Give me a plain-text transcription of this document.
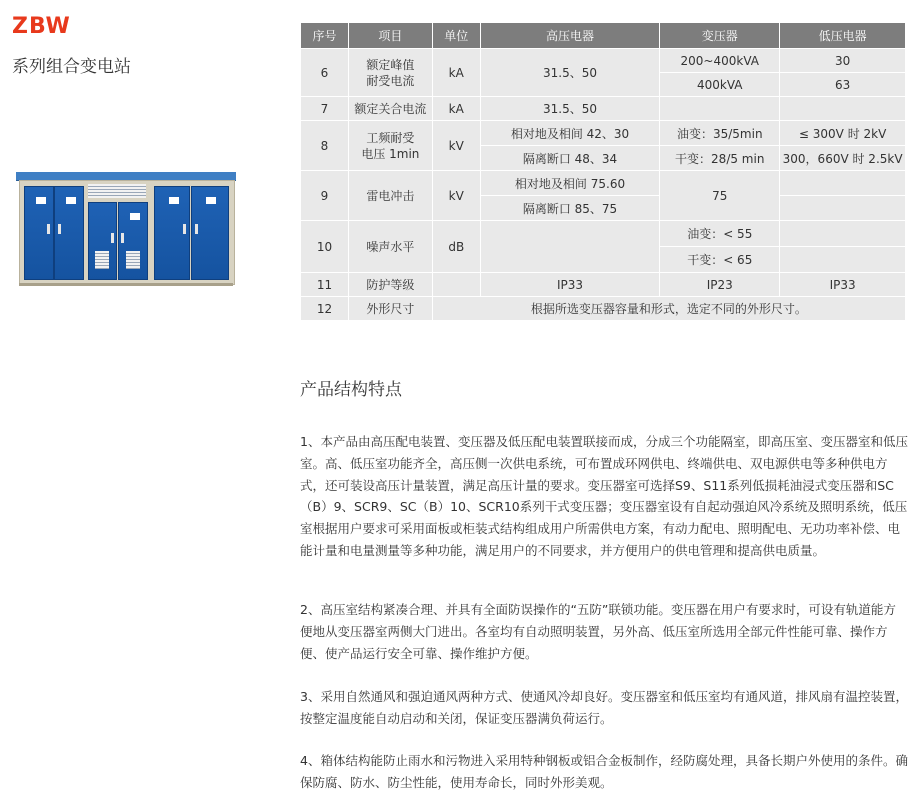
ZBW
系列组合变电站
序号	项目	单位	高压电器	变压器	低压电器
6	额定峰值耐受电流	kA	31.5、50	200~400kVA	30
				400kVA	63
7	额定关合电流	kA	31.5、50		
8	工频耐受电压 1min	kV	相对地及相间 42、30	油变：35/5min	≤ 300V 时 2kV
			隔离断口 48、34	干变：28/5 min	300，660V 时 2.5kV
9	雷电冲击	kV	相对地及相间 75.60	75	
			隔离断口 85、75		
10	噪声水平	dB		油变：< 55	
				干变：< 65	
11	防护等级		IP33	IP23	IP33
12	外形尺寸	根据所选变压器容量和形式，选定不同的外形尺寸。			
产品结构特点

1、本产品由高压配电装置、变压器及低压配电装置联接而成，分成三个功能隔室，即高压室、变压器室和低压室。高、低压室功能齐全，高压侧一次供电系统，可布置成环网供电、终端供电、双电源供电等多种供电方式，还可装设高压计量装置，满足高压计量的要求。变压器室可选择S9、S11系列低损耗油浸式变压器和SC（B）9、SCR9、SC（B）10、SCR10系列干式变压器；变压器室设有自起动强迫风冷系统及照明系统，低压室根据用户要求可采用面板或柜装式结构组成用户所需供电方案，有动力配电、照明配电、无功功率补偿、电能计量和电量测量等多种功能，满足用户的不同要求，并方便用户的供电管理和提高供电质量。

2、高压室结构紧凑合理、并具有全面防误操作的“五防”联锁功能。变压器在用户有要求时，可设有轨道能方便地从变压器室两侧大门进出。各室均有自动照明装置，另外高、低压室所选用全部元件性能可靠、操作方便、使产品运行安全可靠、操作维护方便。

3、采用自然通风和强迫通风两种方式、使通风冷却良好。变压器室和低压室均有通风道，排风扇有温控装置，按整定温度能自动启动和关闭，保证变压器满负荷运行。

4、箱体结构能防止雨水和污物进入采用特种钢板或铝合金板制作，经防腐处理，具备长期户外使用的条件。确保防腐、防水、防尘性能，使用寿命长，同时外形美观。
